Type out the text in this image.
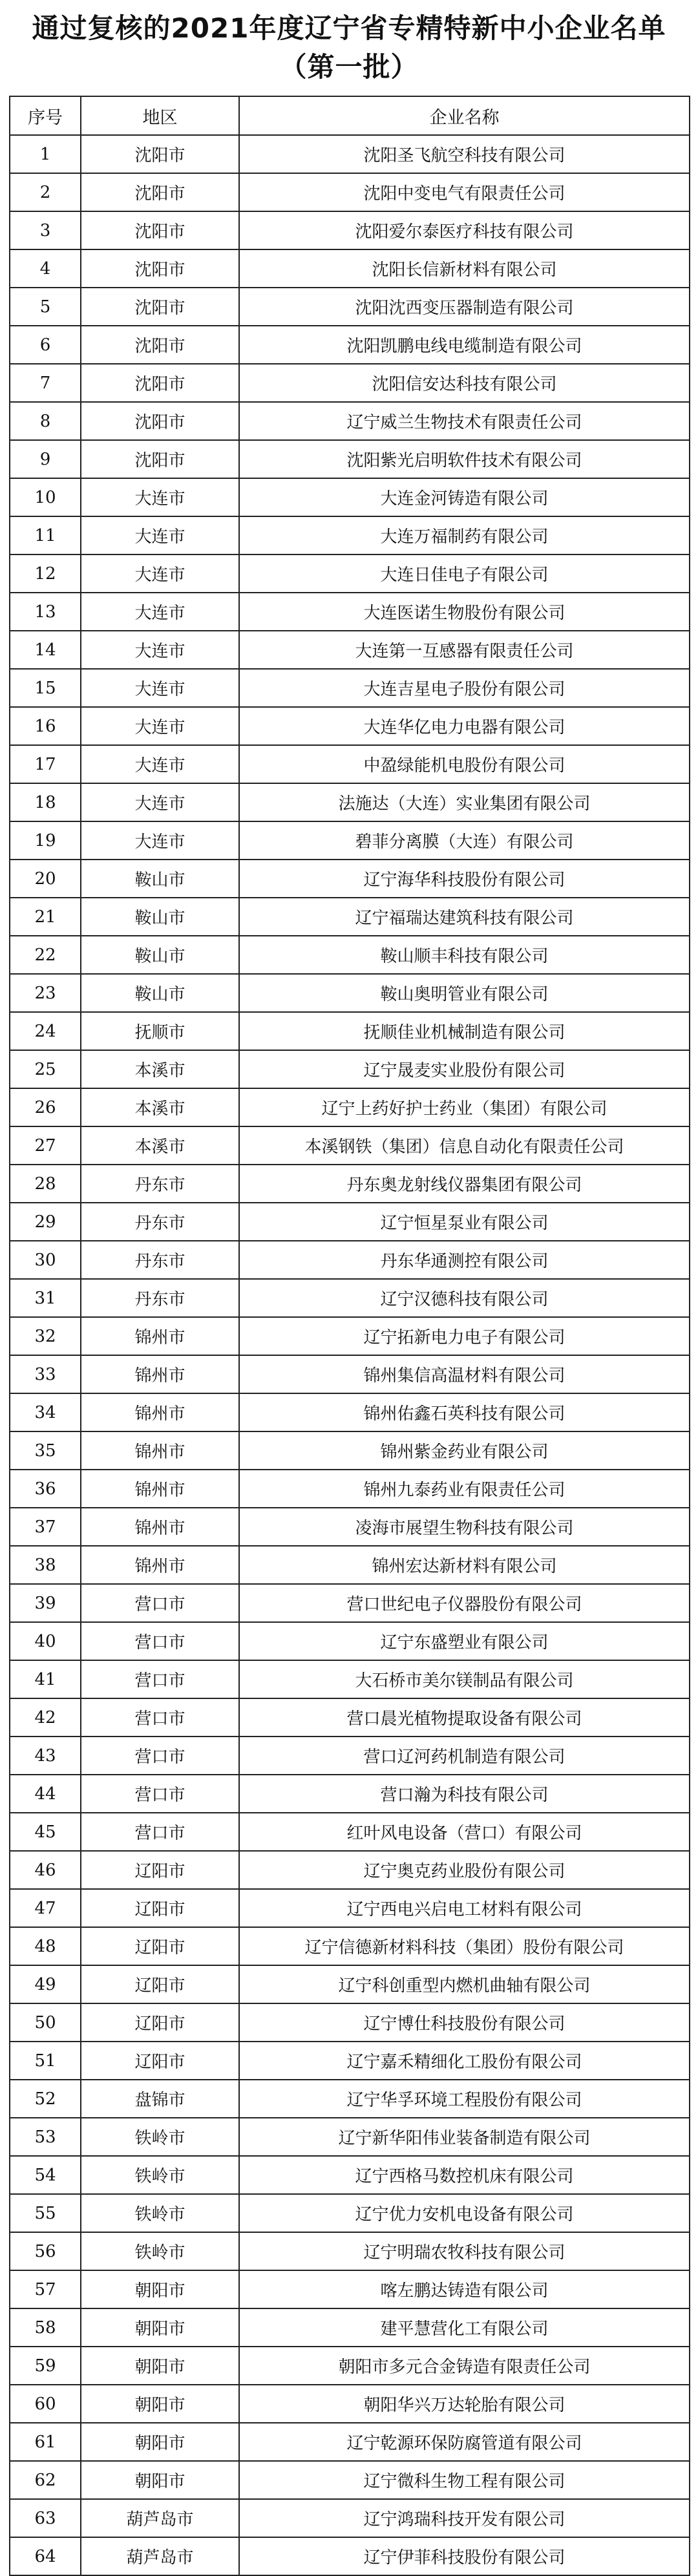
通过复核的2021年度辽宁省专精特新中小企业名单
（第一批）
序号	地区	企业名称
1	沈阳市	沈阳圣飞航空科技有限公司
2	沈阳市	沈阳中变电气有限责任公司
3	沈阳市	沈阳爱尔泰医疗科技有限公司
4	沈阳市	沈阳长信新材料有限公司
5	沈阳市	沈阳沈西变压器制造有限公司
6	沈阳市	沈阳凯鹏电线电缆制造有限公司
7	沈阳市	沈阳信安达科技有限公司
8	沈阳市	辽宁威兰生物技术有限责任公司
9	沈阳市	沈阳紫光启明软件技术有限公司
10	大连市	大连金河铸造有限公司
11	大连市	大连万福制药有限公司
12	大连市	大连日佳电子有限公司
13	大连市	大连医诺生物股份有限公司
14	大连市	大连第一互感器有限责任公司
15	大连市	大连吉星电子股份有限公司
16	大连市	大连华亿电力电器有限公司
17	大连市	中盈绿能机电股份有限公司
18	大连市	法施达（大连）实业集团有限公司
19	大连市	碧菲分离膜（大连）有限公司
20	鞍山市	辽宁海华科技股份有限公司
21	鞍山市	辽宁福瑞达建筑科技有限公司
22	鞍山市	鞍山顺丰科技有限公司
23	鞍山市	鞍山奥明管业有限公司
24	抚顺市	抚顺佳业机械制造有限公司
25	本溪市	辽宁晟麦实业股份有限公司
26	本溪市	辽宁上药好护士药业（集团）有限公司
27	本溪市	本溪钢铁（集团）信息自动化有限责任公司
28	丹东市	丹东奥龙射线仪器集团有限公司
29	丹东市	辽宁恒星泵业有限公司
30	丹东市	丹东华通测控有限公司
31	丹东市	辽宁汉德科技有限公司
32	锦州市	辽宁拓新电力电子有限公司
33	锦州市	锦州集信高温材料有限公司
34	锦州市	锦州佑鑫石英科技有限公司
35	锦州市	锦州紫金药业有限公司
36	锦州市	锦州九泰药业有限责任公司
37	锦州市	凌海市展望生物科技有限公司
38	锦州市	锦州宏达新材料有限公司
39	营口市	营口世纪电子仪器股份有限公司
40	营口市	辽宁东盛塑业有限公司
41	营口市	大石桥市美尔镁制品有限公司
42	营口市	营口晨光植物提取设备有限公司
43	营口市	营口辽河药机制造有限公司
44	营口市	营口瀚为科技有限公司
45	营口市	红叶风电设备（营口）有限公司
46	辽阳市	辽宁奥克药业股份有限公司
47	辽阳市	辽宁西电兴启电工材料有限公司
48	辽阳市	辽宁信德新材料科技（集团）股份有限公司
49	辽阳市	辽宁科创重型内燃机曲轴有限公司
50	辽阳市	辽宁博仕科技股份有限公司
51	辽阳市	辽宁嘉禾精细化工股份有限公司
52	盘锦市	辽宁华孚环境工程股份有限公司
53	铁岭市	辽宁新华阳伟业装备制造有限公司
54	铁岭市	辽宁西格马数控机床有限公司
55	铁岭市	辽宁优力安机电设备有限公司
56	铁岭市	辽宁明瑞农牧科技有限公司
57	朝阳市	喀左鹏达铸造有限公司
58	朝阳市	建平慧营化工有限公司
59	朝阳市	朝阳市多元合金铸造有限责任公司
60	朝阳市	朝阳华兴万达轮胎有限公司
61	朝阳市	辽宁乾源环保防腐管道有限公司
62	朝阳市	辽宁微科生物工程有限公司
63	葫芦岛市	辽宁鸿瑞科技开发有限公司
64	葫芦岛市	辽宁伊菲科技股份有限公司
